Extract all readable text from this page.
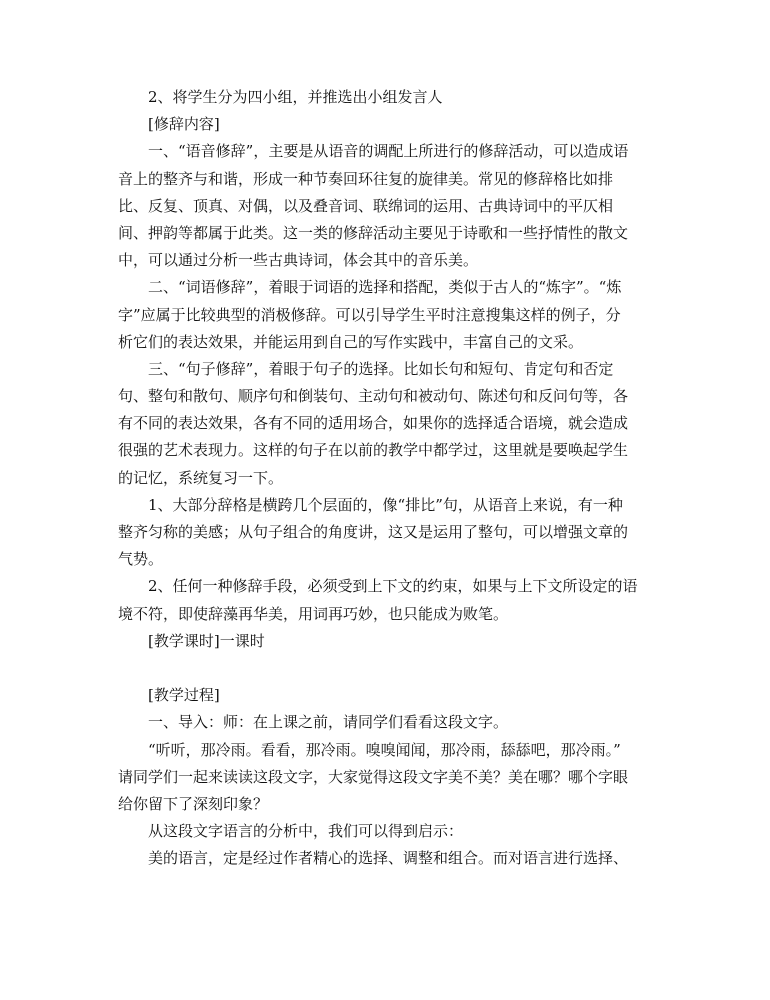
2、将学生分为四小组，并推选出小组发言人

[修辞内容]

一、“语音修辞”，主要是从语音的调配上所进行的修辞活动，可以造成语

音上的整齐与和谐，形成一种节奏回环往复的旋律美。常见的修辞格比如排

比、反复、顶真、对偶，以及叠音词、联绵词的运用、古典诗词中的平仄相

间、押韵等都属于此类。这一类的修辞活动主要见于诗歌和一些抒情性的散文

中，可以通过分析一些古典诗词，体会其中的音乐美。

二、“词语修辞”，着眼于词语的选择和搭配，类似于古人的“炼字”。“炼

字”应属于比较典型的消极修辞。可以引导学生平时注意搜集这样的例子，分

析它们的表达效果，并能运用到自己的写作实践中，丰富自己的文采。

三、“句子修辞”，着眼于句子的选择。比如长句和短句、肯定句和否定

句、整句和散句、顺序句和倒装句、主动句和被动句、陈述句和反问句等，各

有不同的表达效果，各有不同的适用场合，如果你的选择适合语境，就会造成

很强的艺术表现力。这样的句子在以前的教学中都学过，这里就是要唤起学生

的记忆，系统复习一下。

1、大部分辞格是横跨几个层面的，像“排比”句，从语音上来说，有一种

整齐匀称的美感；从句子组合的角度讲，这又是运用了整句，可以增强文章的

气势。

2、任何一种修辞手段，必须受到上下文的约束，如果与上下文所设定的语

境不符，即使辞藻再华美，用词再巧妙，也只能成为败笔。

[教学课时]一课时

[教学过程]

一、导入：师：在上课之前，请同学们看看这段文字。

“听听，那冷雨。看看，那冷雨。嗅嗅闻闻，那冷雨，舔舔吧，那冷雨。”

请同学们一起来读读这段文字，大家觉得这段文字美不美？美在哪？哪个字眼

给你留下了深刻印象？

从这段文字语言的分析中，我们可以得到启示：

美的语言，定是经过作者精心的选择、调整和组合。而对语言进行选择、
